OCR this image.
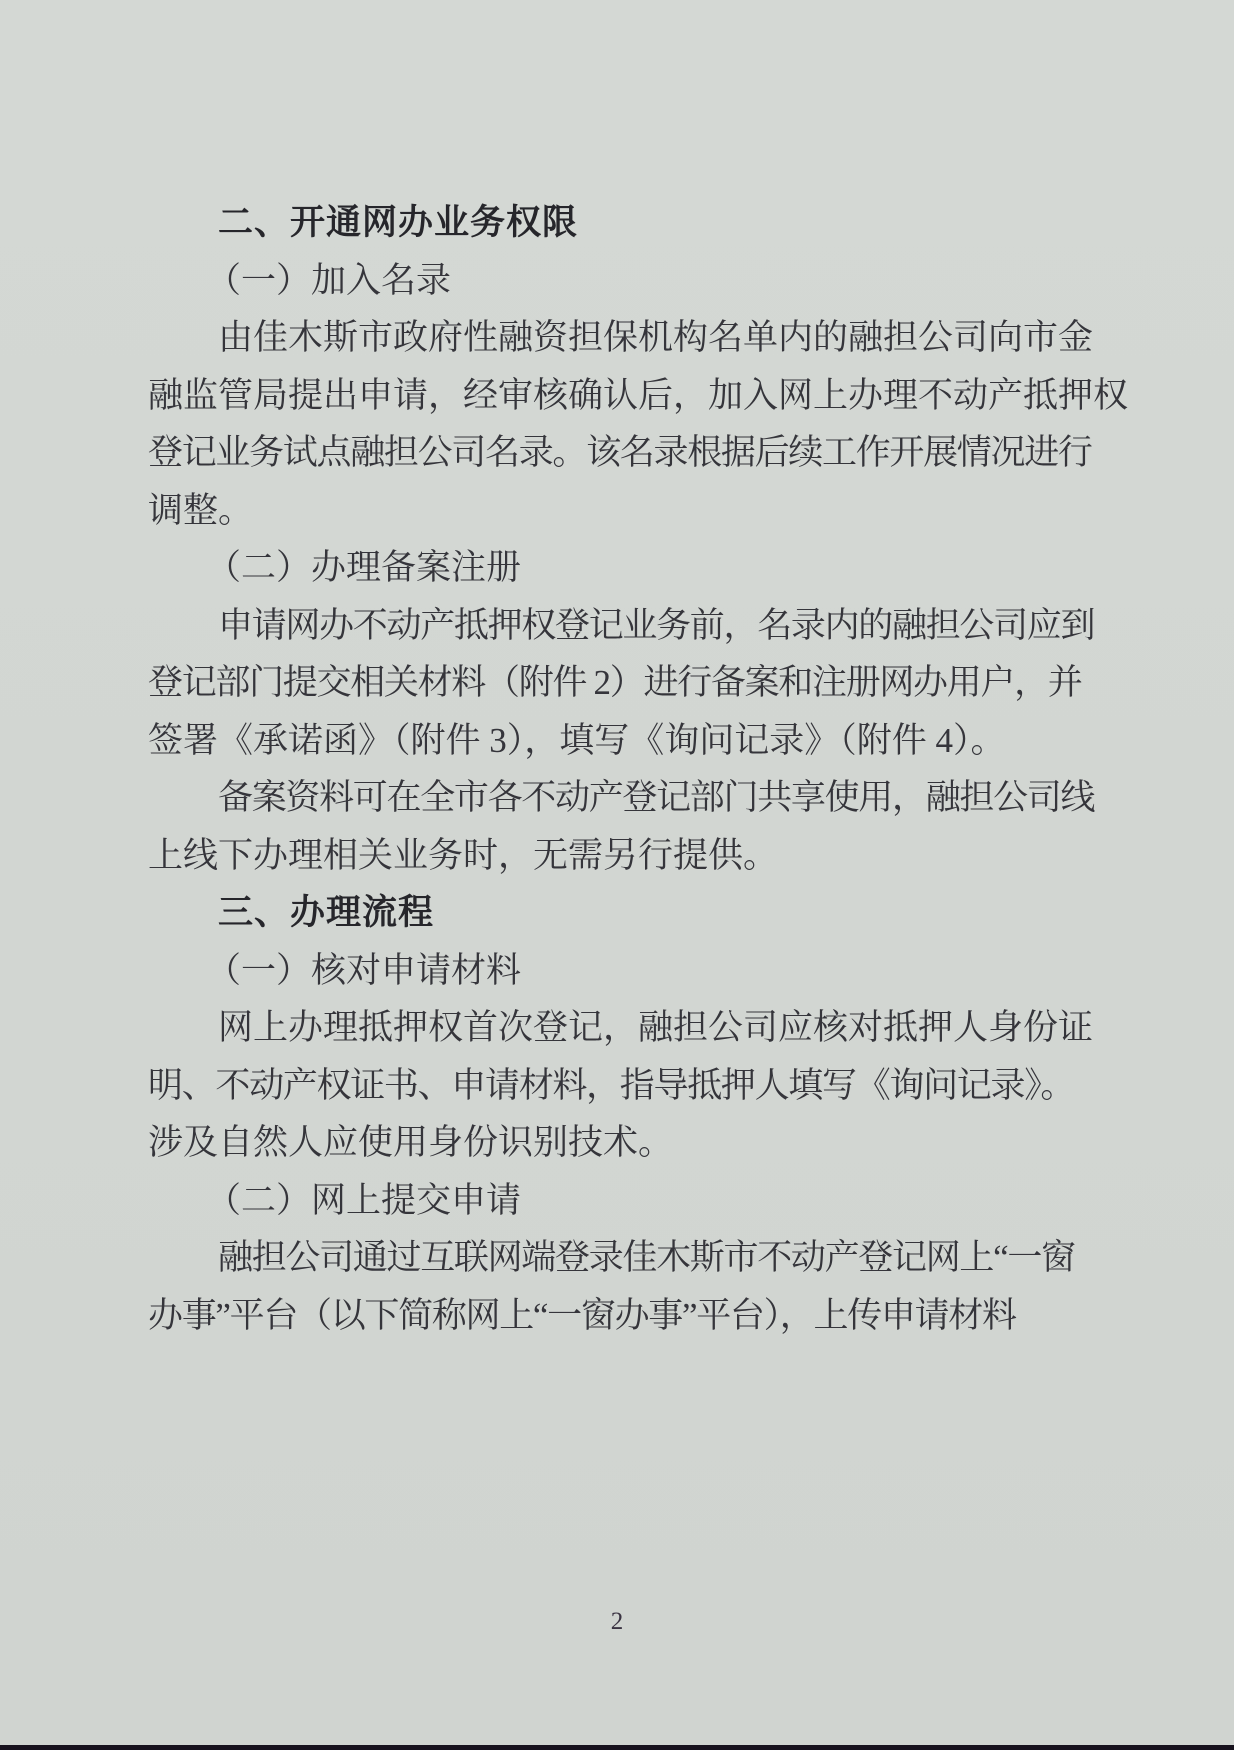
二、开通网办业务权限
（一）加入名录
由佳木斯市政府性融资担保机构名单内的融担公司向市金
融监管局提出申请，经审核确认后，加入网上办理不动产抵押权
登记业务试点融担公司名录。该名录根据后续工作开展情况进行
调整。
（二）办理备案注册
申请网办不动产抵押权登记业务前，名录内的融担公司应到
登记部门提交相关材料（附件 2）进行备案和注册网办用户，并
签署《承诺函》（附件 3），填写《询问记录》（附件 4）。
备案资料可在全市各不动产登记部门共享使用，融担公司线
上线下办理相关业务时，无需另行提供。
三、办理流程
（一）核对申请材料
网上办理抵押权首次登记，融担公司应核对抵押人身份证
明、不动产权证书、申请材料，指导抵押人填写《询问记录》。
涉及自然人应使用身份识别技术。
（二）网上提交申请
融担公司通过互联网端登录佳木斯市不动产登记网上“一窗
办事”平台（以下简称网上“一窗办事”平台），上传申请材料
2
